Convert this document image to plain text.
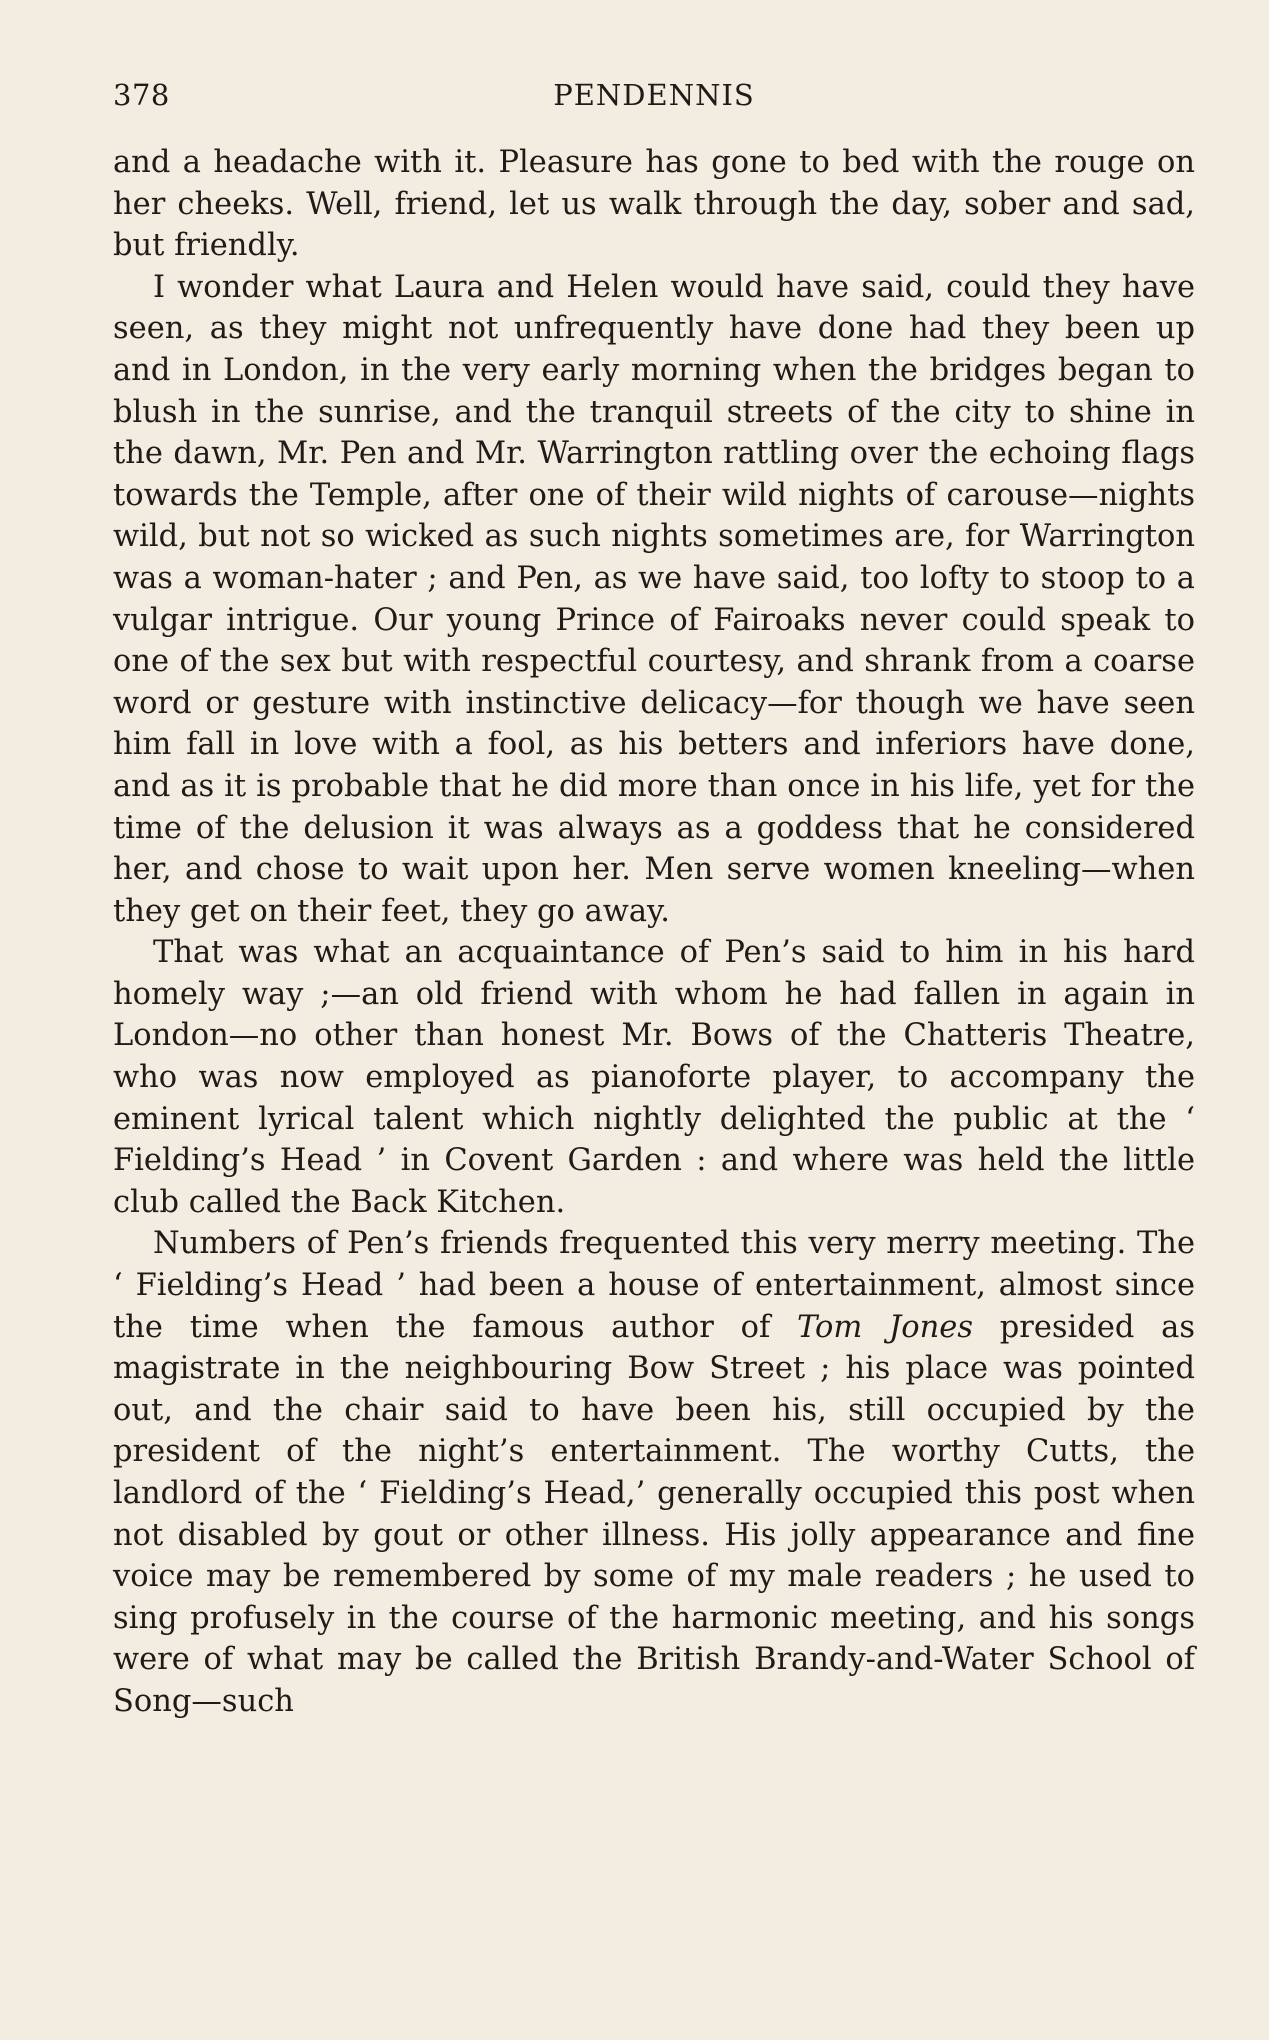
378	PENDENNIS

and a headache with it. Pleasure has gone to bed with the rouge on her cheeks. Well, friend, let us walk through the day, sober and sad, but friendly.

I wonder what Laura and Helen would have said, could they have seen, as they might not unfrequently have done had they been up and in London, in the very early morning when the bridges began to blush in the sunrise, and the tranquil streets of the city to shine in the dawn, Mr. Pen and Mr. Warrington rattling over the echoing flags towards the Temple, after one of their wild nights of carouse—nights wild, but not so wicked as such nights sometimes are, for Warrington was a woman-hater ; and Pen, as we have said, too lofty to stoop to a vulgar intrigue. Our young Prince of Fairoaks never could speak to one of the sex but with respectful courtesy, and shrank from a coarse word or gesture with instinctive delicacy—for though we have seen him fall in love with a fool, as his betters and inferiors have done, and as it is probable that he did more than once in his life, yet for the time of the delusion it was always as a goddess that he considered her, and chose to wait upon her. Men serve women kneeling—when they get on their feet, they go away.

That was what an acquaintance of Pen’s said to him in his hard homely way ;—an old friend with whom he had fallen in again in London—no other than honest Mr. Bows of the Chatteris Theatre, who was now employed as pianoforte player, to accompany the eminent lyrical talent which nightly delighted the public at the ‘ Fielding’s Head ’ in Covent Garden : and where was held the little club called the Back Kitchen.

Numbers of Pen’s friends frequented this very merry meeting. The ‘ Fielding’s Head ’ had been a house of entertainment, almost since the time when the famous author of Tom Jones presided as magistrate in the neighbouring Bow Street ; his place was pointed out, and the chair said to have been his, still occupied by the president of the night’s entertainment. The worthy Cutts, the landlord of the ‘ Fielding’s Head,’ generally occupied this post when not disabled by gout or other illness. His jolly appearance and fine voice may be remembered by some of my male readers ; he used to sing profusely in the course of the harmonic meeting, and his songs were of what may be called the British Brandy-and-Water School of Song—such
